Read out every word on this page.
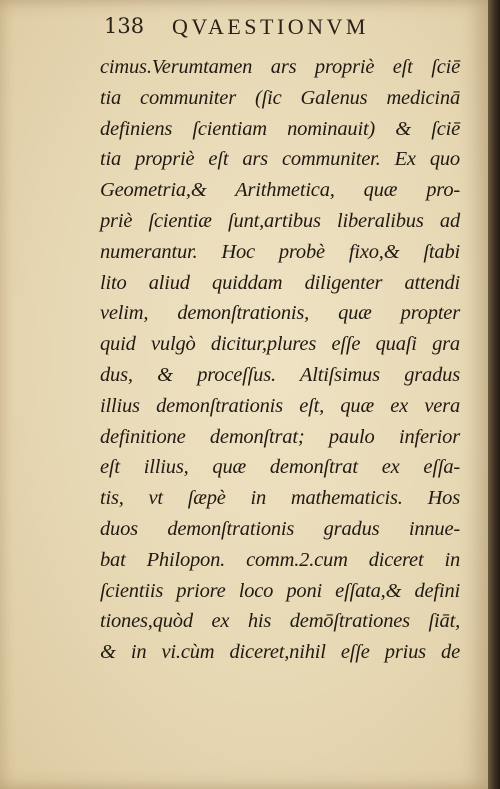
138 QVAESTIONVM
cimus.Verumtamen ars propriè eſt ſciē
tia communiter (ſic Galenus medicinā
definiens ſcientiam nominauit) & ſciē
tia propriè eſt ars communiter. Ex quo
Geometria,& Arithmetica, quæ pro-
priè ſcientiæ ſunt,artibus liberalibus ad
numerantur. Hoc probè fixo,& ſtabi
lito aliud quiddam diligenter attendi
velim, demonſtrationis, quæ propter
quid vulgò dicitur,plures eſſe quaſi gra
dus, & proceſſus. Altiſsimus gradus
illius demonſtrationis eſt, quæ ex vera
definitione demonſtrat; paulo inferior
eſt illius, quæ demonſtrat ex eſſa-
tis, vt ſæpè in mathematicis. Hos
duos demonſtrationis gradus innue-
bat Philopon. comm.2.cum diceret in
ſcientiis priore loco poni eſſata,& defini
tiones,quòd ex his demōſtrationes ſiāt,
& in vi.cùm diceret,nihil eſſe prius de
